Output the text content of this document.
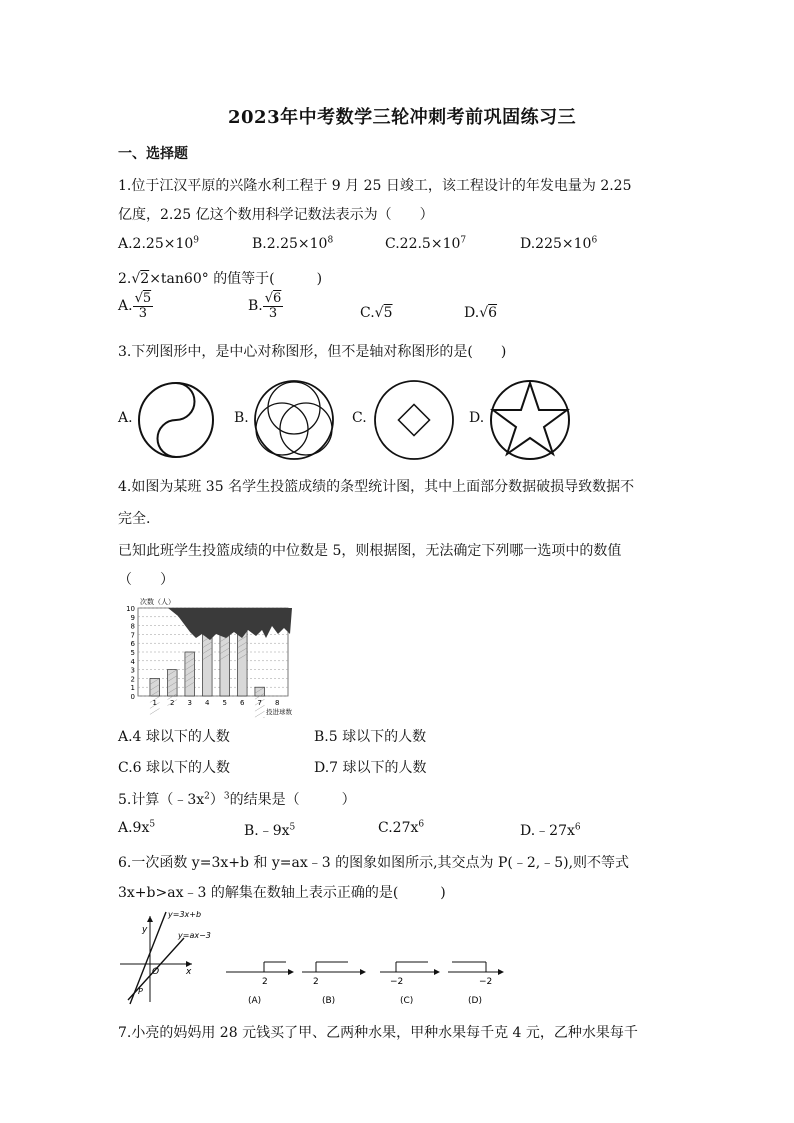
2023年中考数学三轮冲刺考前巩固练习三
一、选择题
1.位于江汉平原的兴隆水利工程于 9 月 25 日竣工，该工程设计的年发电量为 2.25
亿度，2.25 亿这个数用科学记数法表示为（　　）
$A.2.25\times 10^9$	$B.2.25\times 10^8$	$C.22.5\times 10^7$	$D.225\times 10^6$
2.√2×tan60° 的值等于(　　　)
A. $\frac{√5}{3}$	B. $\frac{√6}{3}$	C.√5	D.√6
3.下列图形中，是中心对称图形，但不是轴对称图形的是(　　)
A.	B.	C.	D.
4.如图为某班 35 名学生投篮成绩的条型统计图，其中上面部分数据破损导致数据不
完全.
已知此班学生投篮成绩的中位数是 5，则根据图，无法确定下列哪一选项中的数值
（　　）
0
1
2
3
4
5
6
7
8
9
10
1 2 3 4 5 6 7 8
次数（人）
投进球数
A.4 球以下的人数	B.5 球以下的人数
C.6 球以下的人数	D.7 球以下的人数
5.计算$(﹣3x^2)^3$的结果是（　　　）
$A.9x^5$	$B.﹣9x^5$	$C.27x^6$	$D.﹣27x^6$
6.一次函数 y=3x+b 和 y=ax﹣3 的图象如图所示,其交点为 P(﹣2,﹣5),则不等式
3x+b>ax﹣3 的解集在数轴上表示正确的是(　　　)
y=3x+b
y=ax−3
y
x
O
P
2
(A)
2
(B)
−2
(C)
−2
(D)
7.小亮的妈妈用 28 元钱买了甲、乙两种水果，甲种水果每千克 4 元，乙种水果每千
